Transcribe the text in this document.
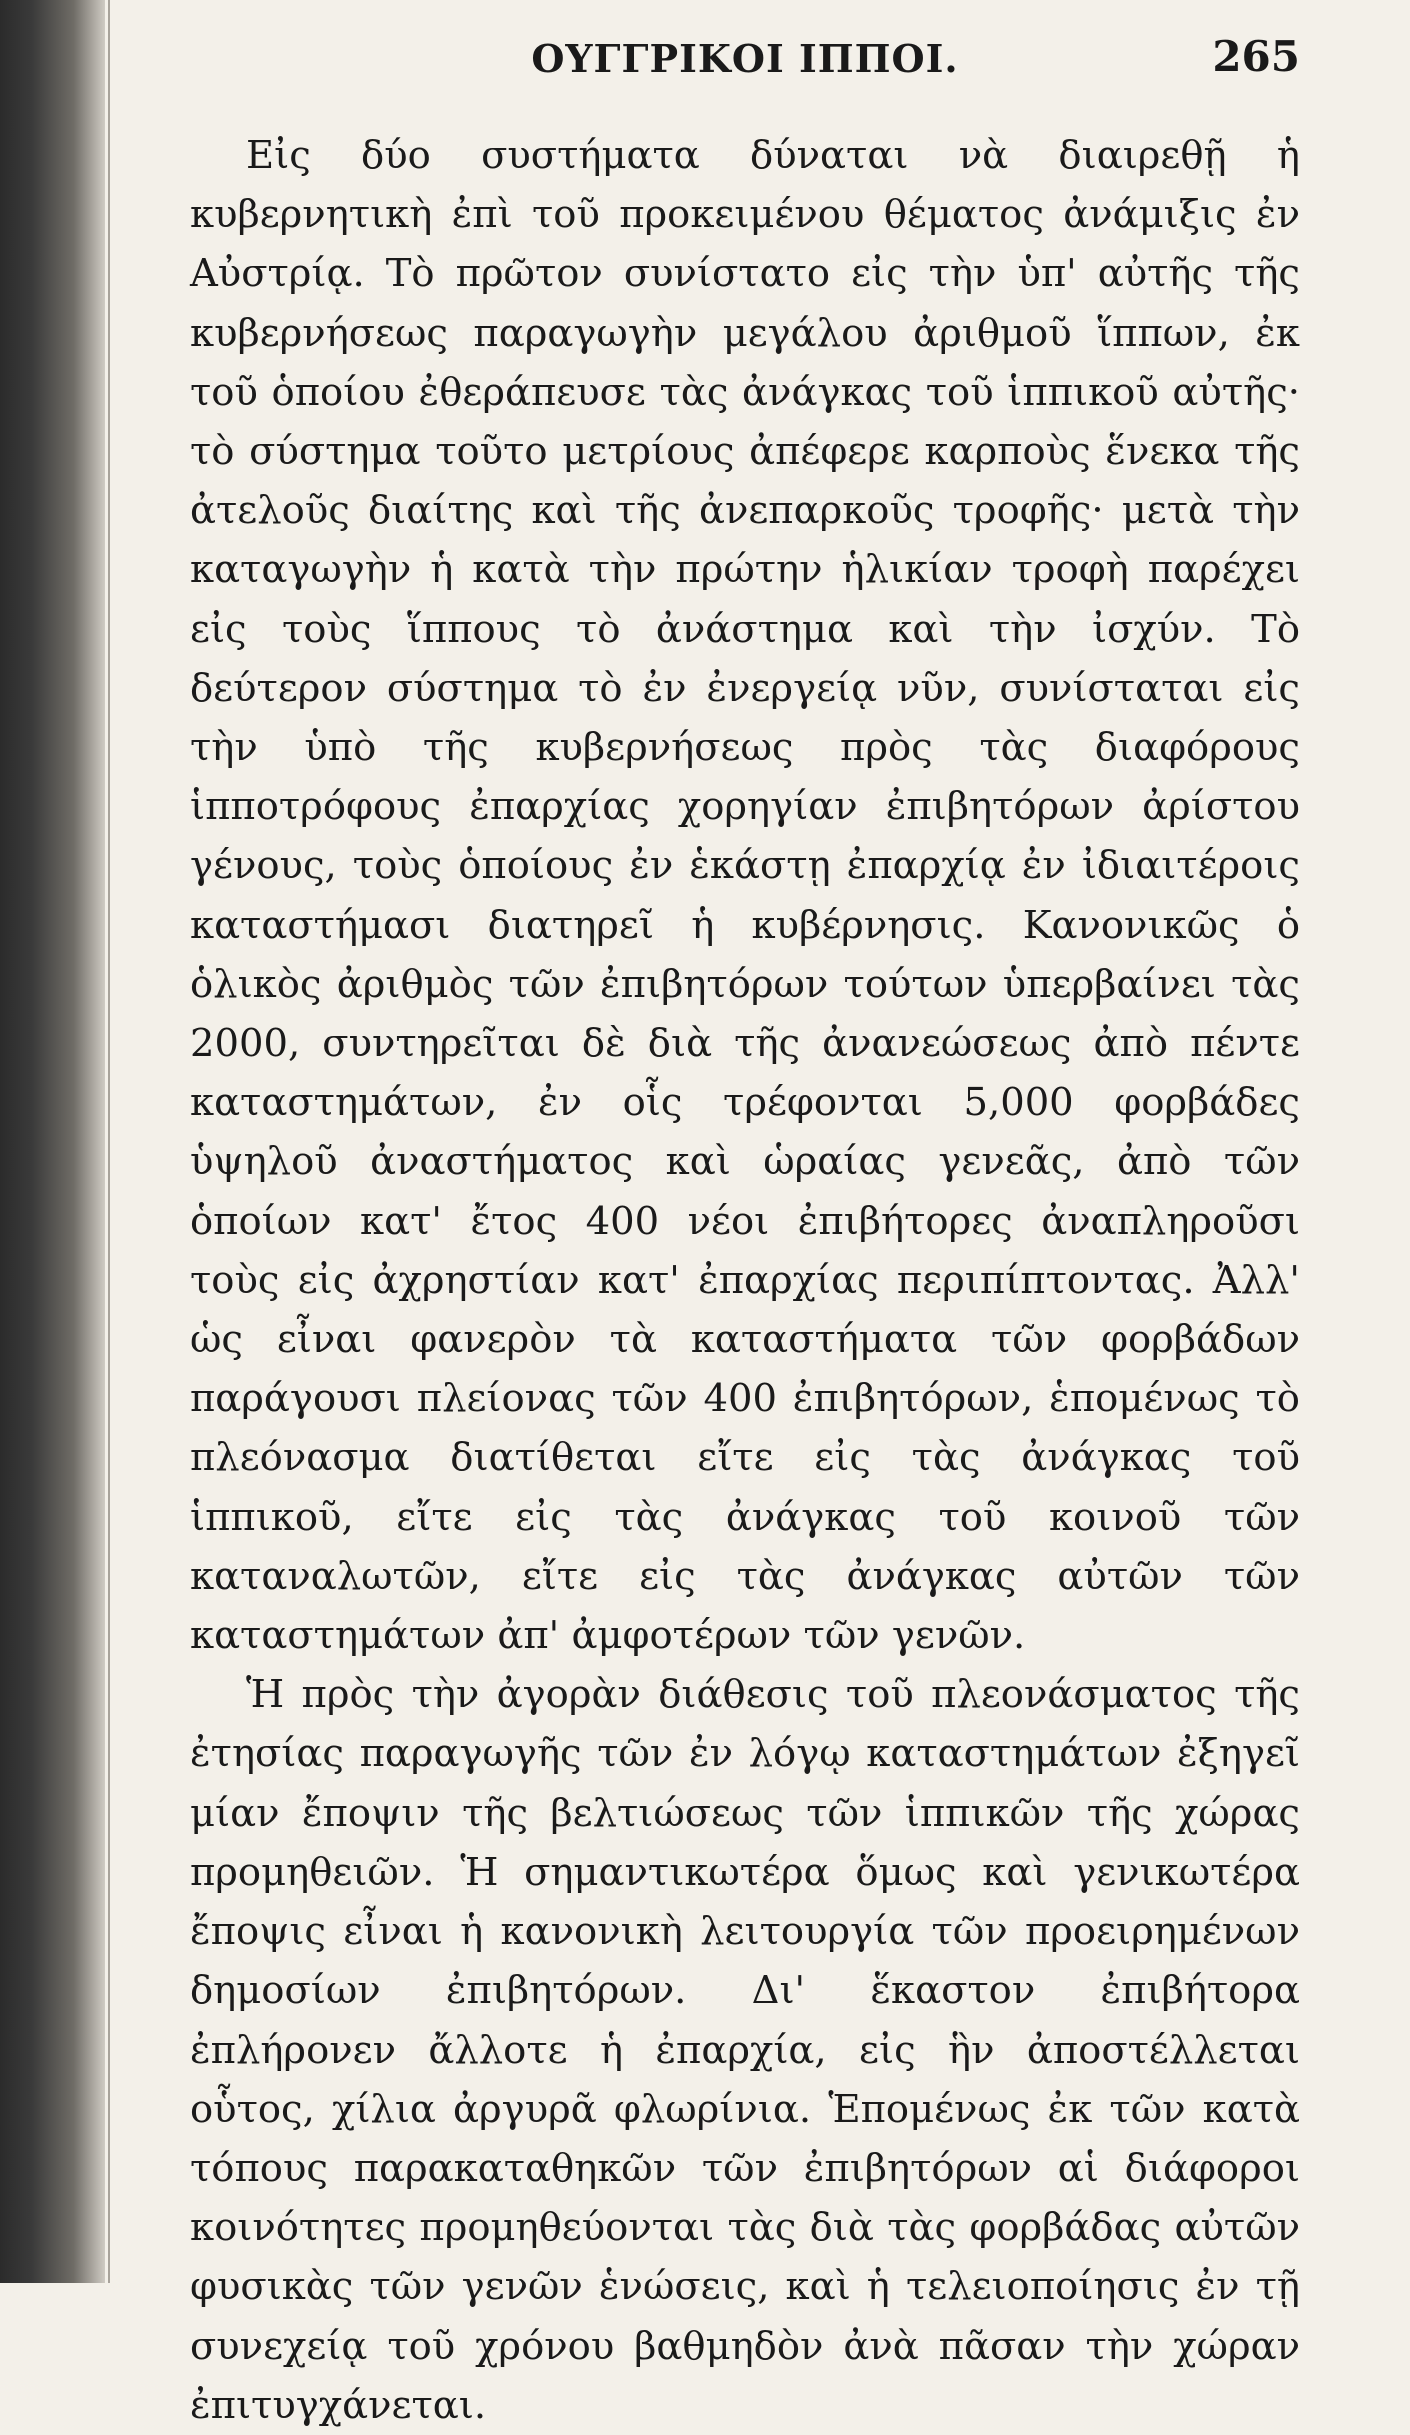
ΟΥΓΓΡΙΚΟΙ ΙΠΠΟΙ.	265

Εἰς δύο συστήματα δύναται νὰ διαιρεθῇ ἡ κυβερνητικὴ ἐπὶ τοῦ προκειμένου θέματος ἀνάμιξις ἐν Αὐστρίᾳ. Τὸ πρῶτον συνίστατο εἰς τὴν ὑπ' αὐτῆς τῆς κυβερνήσεως παραγωγὴν μεγάλου ἀριθμοῦ ἵππων, ἐκ τοῦ ὁποίου ἐθεράπευσε τὰς ἀνάγκας τοῦ ἱππικοῦ αὐτῆς· τὸ σύστημα τοῦτο μετρίους ἀπέφερε καρποὺς ἕνεκα τῆς ἀτελοῦς διαίτης καὶ τῆς ἀνεπαρκοῦς τροφῆς· μετὰ τὴν καταγωγὴν ἡ κατὰ τὴν πρώτην ἡλικίαν τροφὴ παρέχει εἰς τοὺς ἵππους τὸ ἀνάστημα καὶ τὴν ἰσχύν. Τὸ δεύτερον σύστημα τὸ ἐν ἐνεργείᾳ νῦν, συνίσταται εἰς τὴν ὑπὸ τῆς κυβερνήσεως πρὸς τὰς διαφόρους ἱπποτρόφους ἐπαρχίας χορηγίαν ἐπιβητόρων ἀρίστου γένους, τοὺς ὁποίους ἐν ἑκάστῃ ἐπαρχίᾳ ἐν ἰδιαιτέροις καταστήμασι διατηρεῖ ἡ κυβέρνησις. Κανονικῶς ὁ ὁλικὸς ἀριθμὸς τῶν ἐπιβητόρων τούτων ὑπερβαίνει τὰς 2000, συντηρεῖται δὲ διὰ τῆς ἀνανεώσεως ἀπὸ πέντε καταστημάτων, ἐν οἷς τρέφονται 5,000 φορβάδες ὑψηλοῦ ἀναστήματος καὶ ὡραίας γενεᾶς, ἀπὸ τῶν ὁποίων κατ' ἔτος 400 νέοι ἐπιβήτορες ἀναπληροῦσι τοὺς εἰς ἀχρηστίαν κατ' ἐπαρχίας περιπίπτοντας. Ἀλλ' ὡς εἶναι φανερὸν τὰ καταστήματα τῶν φορβάδων παράγουσι πλείονας τῶν 400 ἐπιβητόρων, ἑπομένως τὸ πλεόνασμα διατίθεται εἴτε εἰς τὰς ἀνάγκας τοῦ ἱππικοῦ, εἴτε εἰς τὰς ἀνάγκας τοῦ κοινοῦ τῶν καταναλωτῶν, εἴτε εἰς τὰς ἀνάγκας αὐτῶν τῶν καταστημάτων ἀπ' ἀμφοτέρων τῶν γενῶν.

Ἡ πρὸς τὴν ἀγορὰν διάθεσις τοῦ πλεονάσματος τῆς ἐτησίας παραγωγῆς τῶν ἐν λόγῳ καταστημάτων ἐξηγεῖ μίαν ἔποψιν τῆς βελτιώσεως τῶν ἱππικῶν τῆς χώρας προμηθειῶν. Ἡ σημαντικωτέρα ὅμως καὶ γενικωτέρα ἔποψις εἶναι ἡ κανονικὴ λειτουργία τῶν προειρημένων δημοσίων ἐπιβητόρων. Δι' ἕκαστον ἐπιβήτορα ἐπλήρονεν ἄλλοτε ἡ ἐπαρχία, εἰς ἣν ἀποστέλλεται οὗτος, χίλια ἀργυρᾶ φλωρίνια. Ἑπομένως ἐκ τῶν κατὰ τόπους παρακαταθηκῶν τῶν ἐπιβητόρων αἱ διάφοροι κοινότητες προμηθεύονται τὰς διὰ τὰς φορβάδας αὐτῶν φυσικὰς τῶν γενῶν ἑνώσεις, καὶ ἡ τελειοποίησις ἐν τῇ συνεχείᾳ τοῦ χρόνου βαθμηδὸν ἀνὰ πᾶσαν τὴν χώραν ἐπιτυγχάνεται.
